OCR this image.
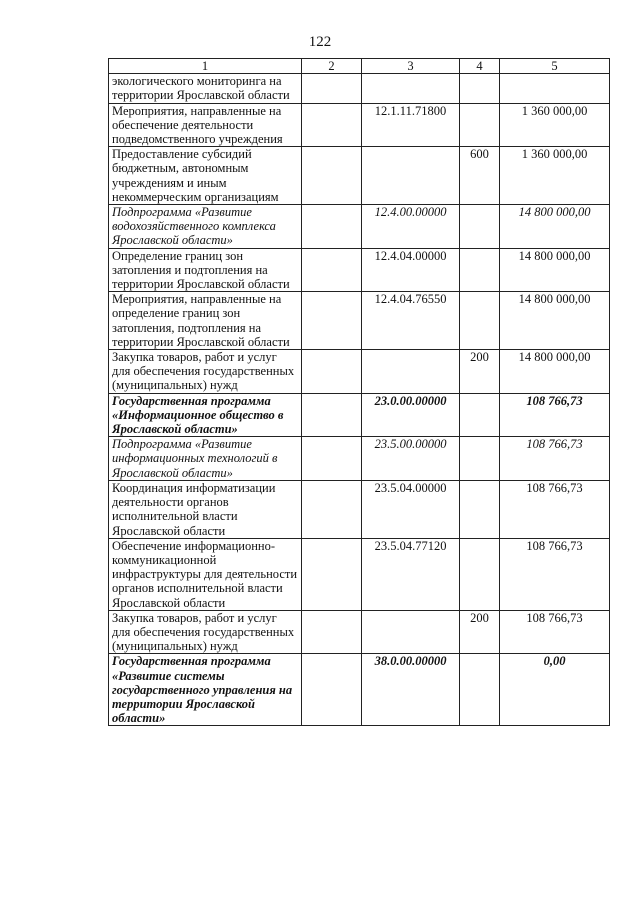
122
1	2	3	4	5
экологического мониторинга на территории Ярославской области				
Мероприятия, направленные на обеспечение деятельности подведомственного учреждения		12.1.11.71800		1 360 000,00
Предоставление субсидий бюджетным, автономным учреждениям и иным некоммерческим организациям			600	1 360 000,00
Подпрограмма «Развитие водохозяйственного комплекса Ярославской области»		12.4.00.00000		14 800 000,00
Определение границ зон затопления и подтопления на территории Ярославской области		12.4.04.00000		14 800 000,00
Мероприятия, направленные на определение границ зон затопления, подтопления на территории Ярославской области		12.4.04.76550		14 800 000,00
Закупка товаров, работ и услуг для обеспечения государственных (муниципальных) нужд			200	14 800 000,00
Государственная программа «Информационное общество в Ярославской области»		23.0.00.00000		108 766,73
Подпрограмма «Развитие информационных технологий в Ярославской области»		23.5.00.00000		108 766,73
Координация информатизации деятельности органов исполнительной власти Ярославской области		23.5.04.00000		108 766,73
Обеспечение информационно-коммуникационной инфраструктуры для деятельности органов исполнительной власти Ярославской области		23.5.04.77120		108 766,73
Закупка товаров, работ и услуг для обеспечения государственных (муниципальных) нужд			200	108 766,73
Государственная программа «Развитие системы государственного управления на территории Ярославской области»		38.0.00.00000		0,00
